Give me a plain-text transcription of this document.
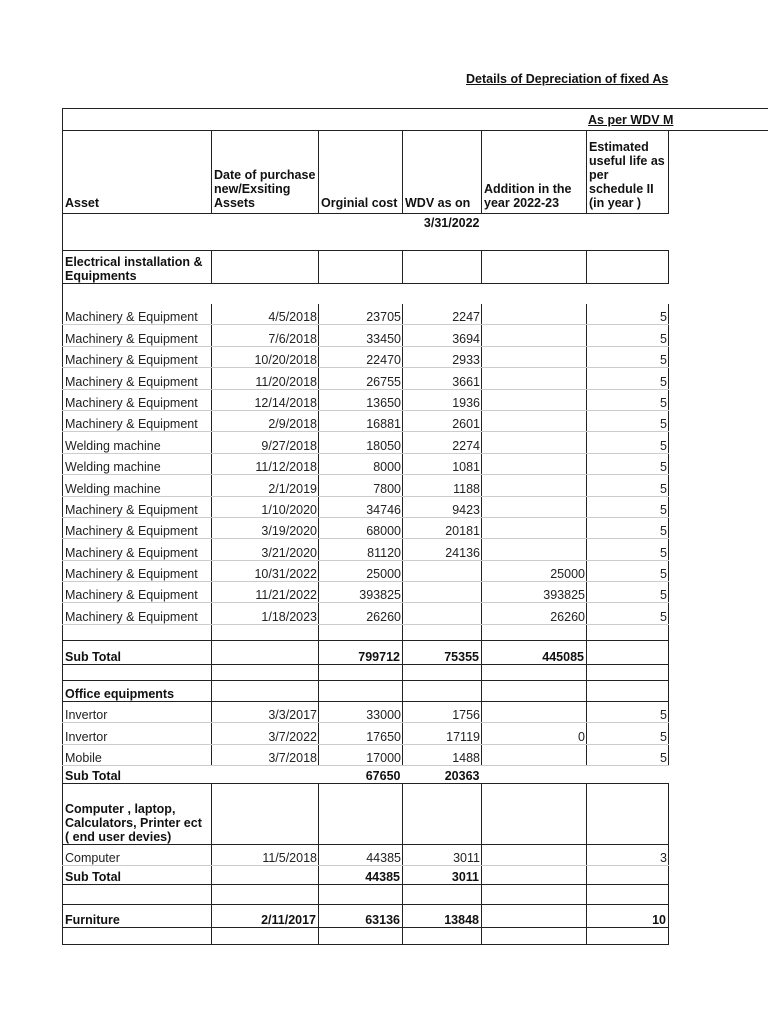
Details of Depreciation of fixed As
As per WDV M
Asset	Date of purchase new/Exsiting Assets	Orginial cost	WDV as on	Addition in the year 2022-23	Estimated useful life as per schedule II (in year )
			3/31/2022		
Electrical installation & Equipments					

Machinery & Equipment	4/5/2018	23705	2247		5
Machinery & Equipment	7/6/2018	33450	3694		5
Machinery & Equipment	10/20/2018	22470	2933		5
Machinery & Equipment	11/20/2018	26755	3661		5
Machinery & Equipment	12/14/2018	13650	1936		5
Machinery & Equipment	2/9/2018	16881	2601		5
Welding machine	9/27/2018	18050	2274		5
Welding machine	11/12/2018	8000	1081		5
Welding machine	2/1/2019	7800	1188		5
Machinery & Equipment	1/10/2020	34746	9423		5
Machinery & Equipment	3/19/2020	68000	20181		5
Machinery & Equipment	3/21/2020	81120	24136		5
Machinery & Equipment	10/31/2022	25000		25000	5
Machinery & Equipment	11/21/2022	393825		393825	5
Machinery & Equipment	1/18/2023	26260		26260	5

Sub Total		799712	75355	445085	

Office equipments					
Invertor	3/3/2017	33000	1756		5
Invertor	3/7/2022	17650	17119	0	5
Mobile	3/7/2018	17000	1488		5
Sub Total		67650	20363		
Computer , laptop, Calculators, Printer ect ( end user devies)					
Computer	11/5/2018	44385	3011		3
Sub Total		44385	3011		

Furniture	2/11/2017	63136	13848		10
